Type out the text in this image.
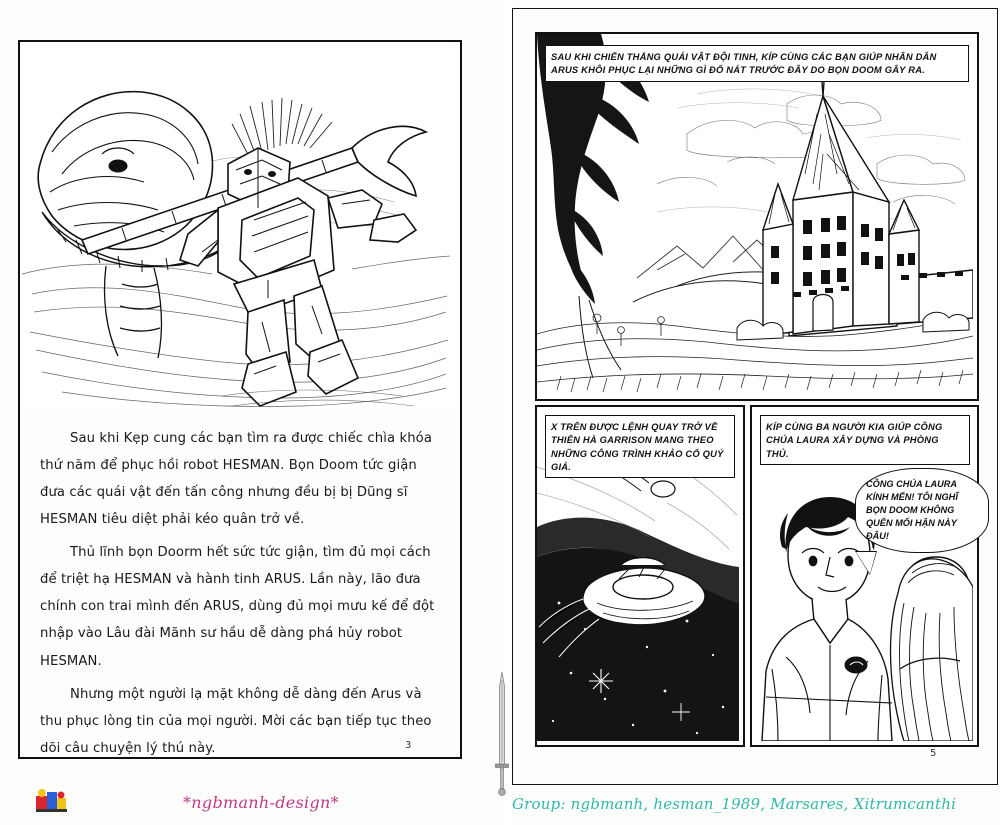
Sau khi Kẹp cung các bạn tìm ra được chiếc chìa khóa thứ năm để phục hồi robot HESMAN. Bọn Doom tức giận đưa các quái vật đến tấn công nhưng đều bị bị Dũng sĩ HESMAN tiêu diệt phải kéo quân trở về.

Thủ lĩnh bọn Doorm hết sức tức giận, tìm đủ mọi cách để triệt hạ HESMAN và hành tinh ARUS. Lần này, lão đưa chính con trai mình đến ARUS, dùng đủ mọi mưu kế để đột nhập vào Lâu đài Mãnh sư hầu dễ dàng phá hủy robot HESMAN.

Nhưng một người lạ mặt không dễ dàng đến Arus và thu phục lòng tin của mọi người. Mời các bạn tiếp tục theo dõi câu chuyện lý thú này.	3
*ngbmanh-design*
SAU KHI CHIẾN THẮNG QUÁI VẬT ĐỘI TINH, KÍP CÙNG CÁC BẠN GIÚP NHÂN DÂN ARUS KHÔI PHỤC LẠI NHỮNG GÌ ĐỔ NÁT TRƯỚC ĐÂY DO BỌN DOOM GÂY RA.
X TRÊN ĐƯỢC LỆNH QUAY TRỞ VỀ THIÊN HÀ GARRISON MANG THEO NHỮNG CÔNG TRÌNH KHẢO CỔ QUÝ GIÁ.
KÍP CÙNG BA NGƯỜI KIA GIÚP CÔNG CHÚA LAURA XÂY DỰNG VÀ PHÒNG THỦ.
CÔNG CHÚA LAURA KÍNH MẾN! TÔI NGHĨ BỌN DOOM KHÔNG QUÊN MỐI HẬN NÀY ĐÂU!
5
Group: ngbmanh, hesman_1989, Marsares, Xitrumcanthi
